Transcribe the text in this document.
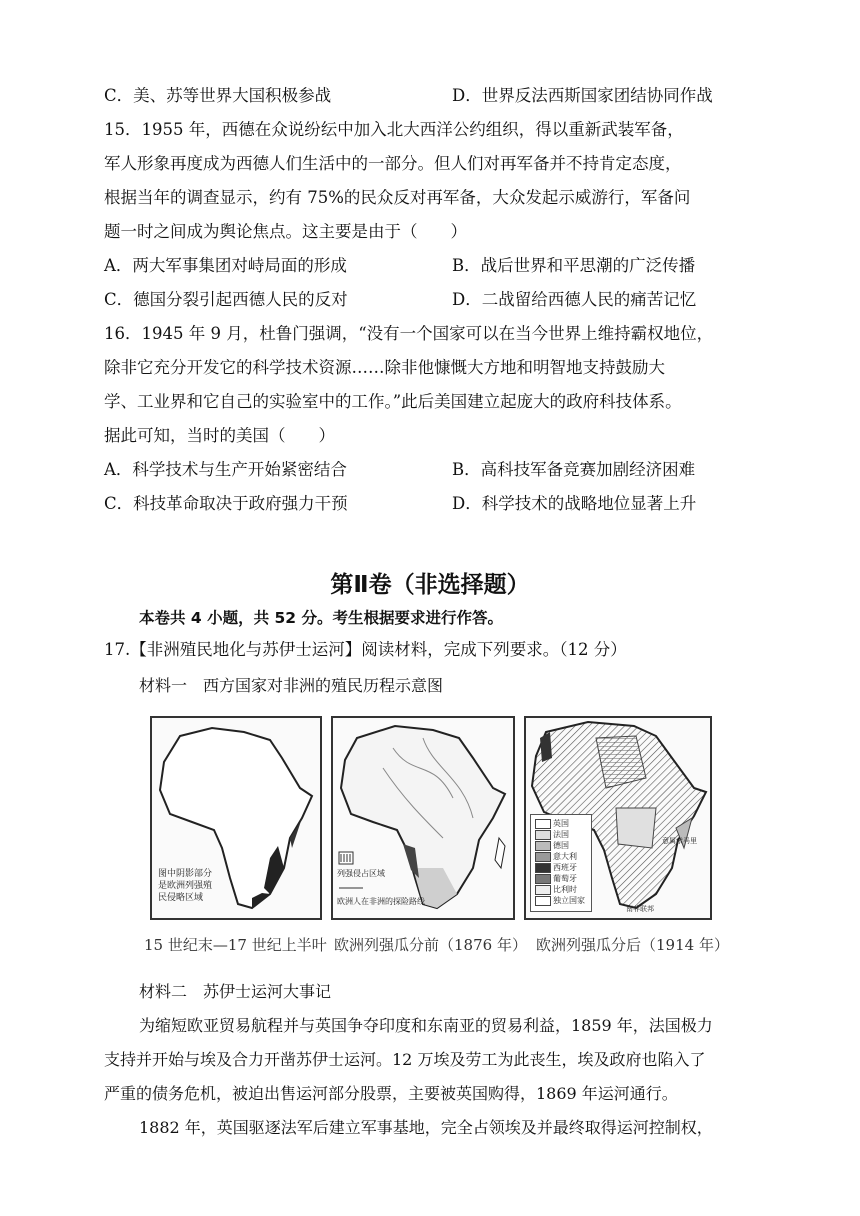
C．美、苏等世界大国积极参战	D．世界反法西斯国家团结协同作战
15．1955 年，西德在众说纷纭中加入北大西洋公约组织，得以重新武装军备，
军人形象再度成为西德人们生活中的一部分。但人们对再军备并不持肯定态度，
根据当年的调查显示，约有 75%的民众反对再军备，大众发起示威游行，军备问
题一时之间成为舆论焦点。这主要是由于（　　）
A．两大军事集团对峙局面的形成	B．战后世界和平思潮的广泛传播
C．德国分裂引起西德人民的反对	D．二战留给西德人民的痛苦记忆
16．1945 年 9 月，杜鲁门强调，“没有一个国家可以在当今世界上维持霸权地位，
除非它充分开发它的科学技术资源……除非他慷慨大方地和明智地支持鼓励大
学、工业界和它自己的实验室中的工作。”此后美国建立起庞大的政府科技体系。
据此可知，当时的美国（　　）
A．科学技术与生产开始紧密结合	B．高科技军备竞赛加剧经济困难
C．科技革命取决于政府强力干预	D．科学技术的战略地位显著上升
第Ⅱ卷（非选择题）
本卷共 4 小题，共 52 分。考生根据要求进行作答。
17.【非洲殖民地化与苏伊士运河】阅读材料，完成下列要求。（12 分）
材料一　西方国家对非洲的殖民历程示意图
图中阴影部分
是欧洲列强殖
民侵略区域
列强侵占区域
欧洲人在非洲的探险路线
英国
法国
德国
意大利
西班牙
葡萄牙
比利时
独立国家
意属索马里
南非联邦
15 世纪末—17 世纪上半叶 欧洲列强瓜分前（1876 年） 欧洲列强瓜分后（1914 年）
材料二　苏伊士运河大事记
为缩短欧亚贸易航程并与英国争夺印度和东南亚的贸易利益，1859 年，法国极力
支持并开始与埃及合力开凿苏伊士运河。12 万埃及劳工为此丧生，埃及政府也陷入了
严重的债务危机，被迫出售运河部分股票，主要被英国购得，1869 年运河通行。
1882 年，英国驱逐法军后建立军事基地，完全占领埃及并最终取得运河控制权，
